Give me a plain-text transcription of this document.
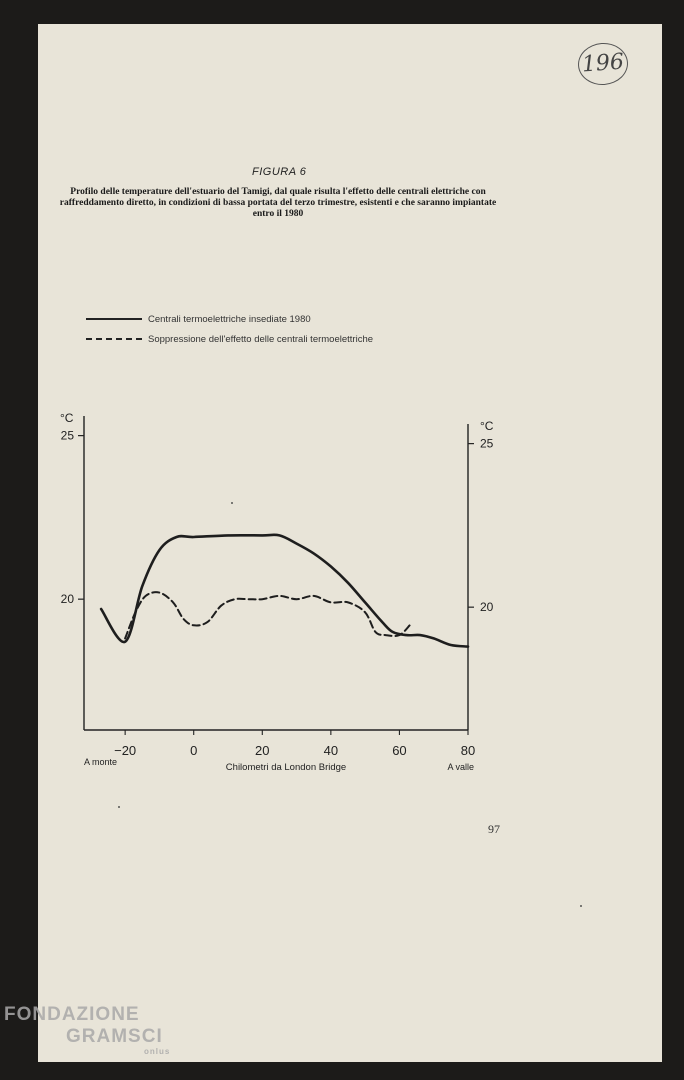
196
FIGURA 6
Profilo delle temperature dell'estuario del Tamigi, dal quale risulta l'effetto delle centrali elettriche con raffreddamento diretto, in condizioni di bassa portata del terzo trimestre, esistenti e che saranno impiantate entro il 1980
Centrali termoelettriche insediate 1980
Soppressione dell'effetto delle centrali termoelettriche
20
20
25
25
−20	0	20	40	60	80
°C
°C
Chilometri da London Bridge
A monte	A valle
97
FONDAZIONE
GRAMSCI
onlus
